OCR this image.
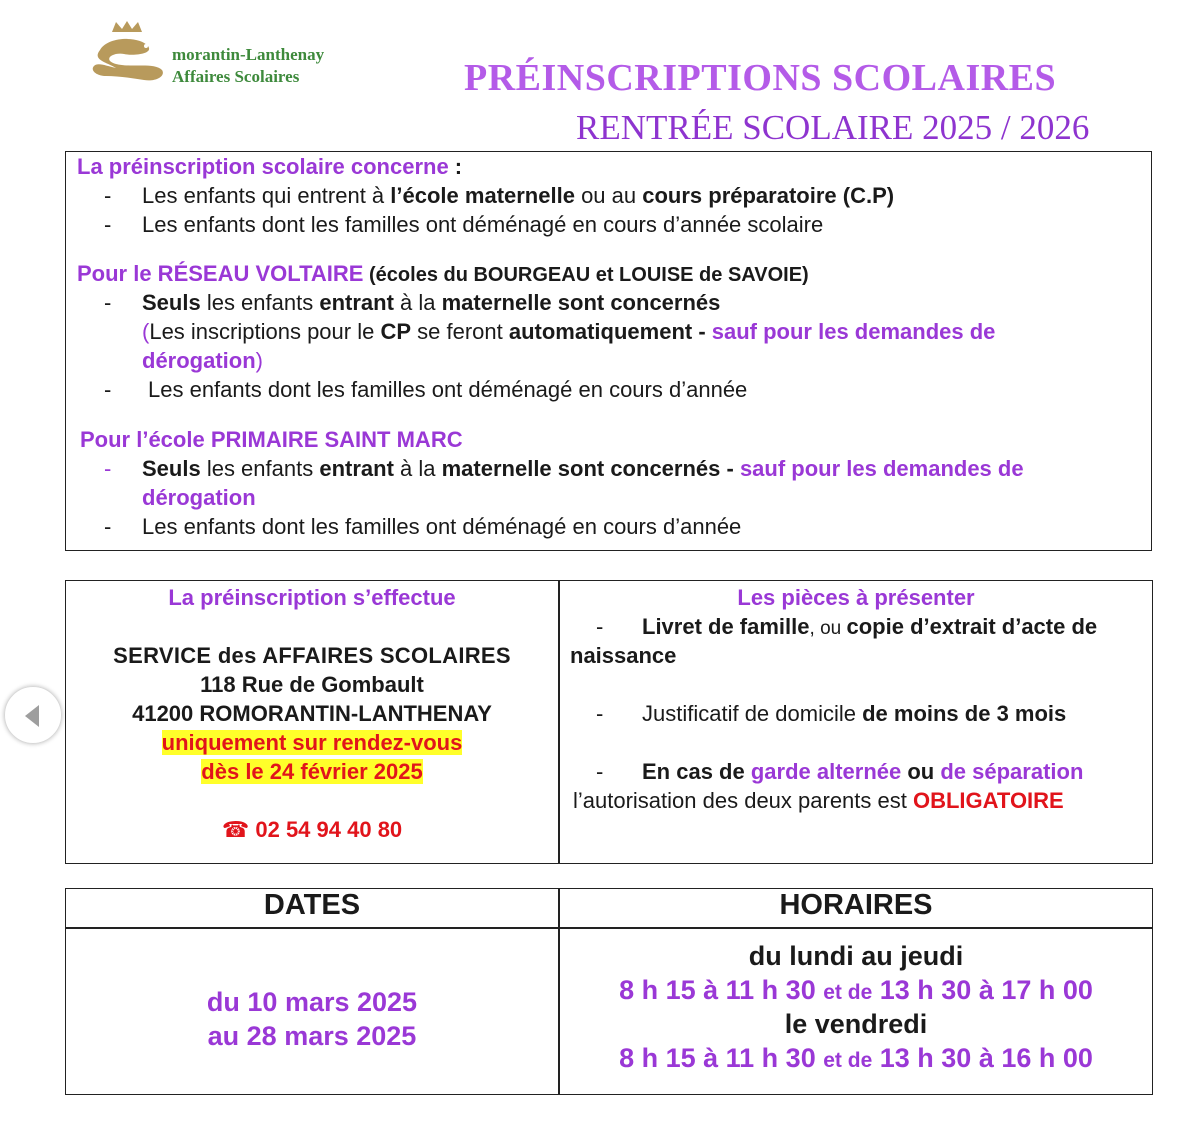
morantin-Lanthenay
Affaires Scolaires	PRÉINSCRIPTIONS SCOLAIRES
RENTRÉE SCOLAIRE 2025 / 2026
La préinscription scolaire concerne :
- Les enfants qui entrent à l’école maternelle ou au cours préparatoire (C.P)
- Les enfants dont les familles ont déménagé en cours d’année scolaire
Pour le RÉSEAU VOLTAIRE (écoles du BOURGEAU et LOUISE de SAVOIE)
- Seuls les enfants entrant à la maternelle sont concernés
(Les inscriptions pour le CP se feront automatiquement - sauf pour les demandes de
dérogation)
- Les enfants dont les familles ont déménagé en cours d’année
Pour l’école PRIMAIRE SAINT MARC
- Seuls les enfants entrant à la maternelle sont concernés - sauf pour les demandes de
dérogation
- Les enfants dont les familles ont déménagé en cours d’année
La préinscription s’effectue
SERVICE des AFFAIRES SCOLAIRES
118 Rue de Gombault
41200 ROMORANTIN-LANTHENAY
uniquement sur rendez-vous
dès le 24 février 2025
☎ 02 54 94 40 80
Les pièces à présenter
- Livret de famille, ou copie d’extrait d’acte de
naissance
- Justificatif de domicile de moins de 3 mois
- En cas de garde alternée ou de séparation
l’autorisation des deux parents est OBLIGATOIRE
DATES	HORAIRES
du 10 mars 2025
au 28 mars 2025
du lundi au jeudi
8 h 15 à 11 h 30 et de 13 h 30 à 17 h 00
le vendredi
8 h 15 à 11 h 30 et de 13 h 30 à 16 h 00
